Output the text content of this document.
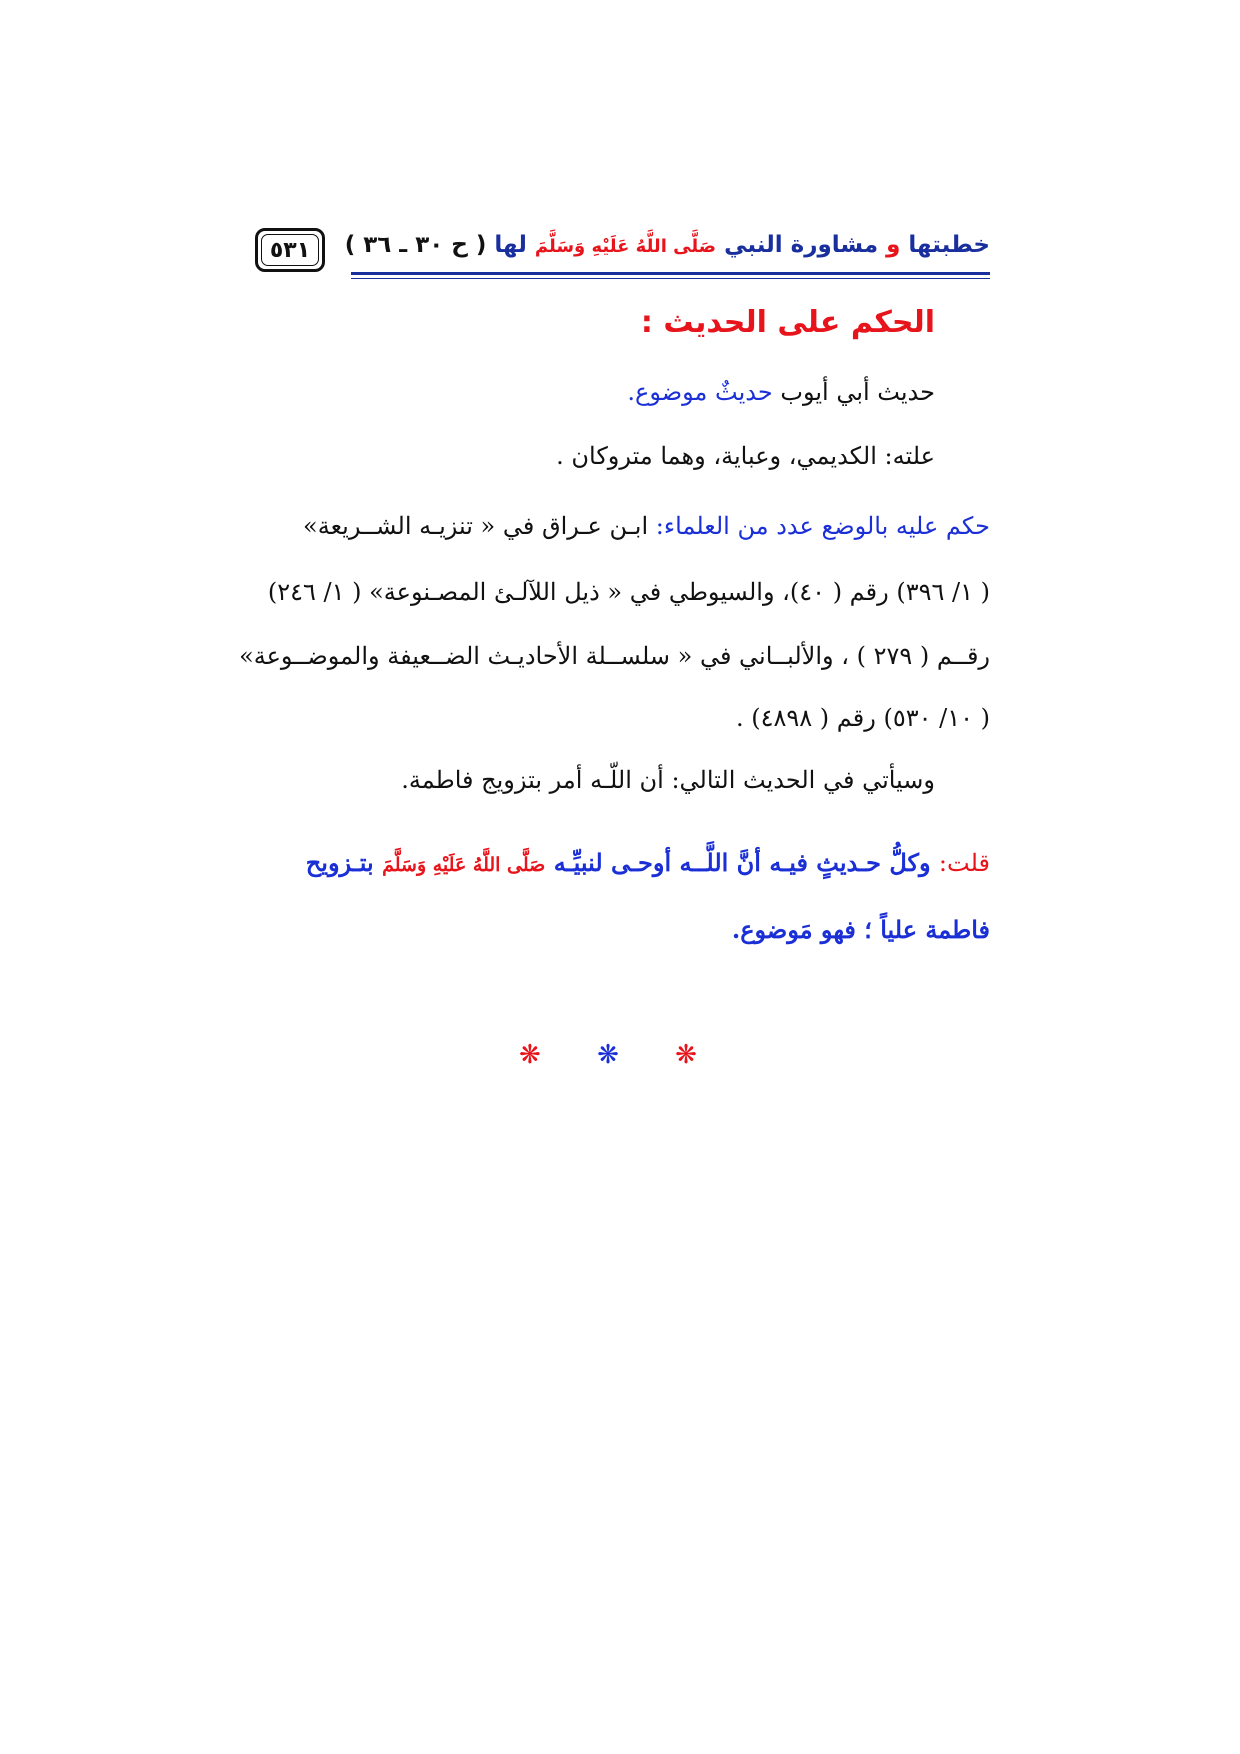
٥٣١	خطبتها و مشاورة النبي صَلَّى اللَّهُ عَلَيْهِ وَسَلَّمَ لها ( ح ٣٠ ـ ٣٦ )
الحكم على الحديث :
حديث أبي أيوب حديثٌ موضوع.
علته: الكديمي، وعباية، وهما متروكان .
حكم عليه بالوضع عدد من العلماء: ابـن عـراق في « تنزيـه الشــريعة»
( ١/ ٣٩٦) رقم ( ٤٠)، والسيوطي في « ذيل اللآلـئ المصـنوعة» ( ١/ ٢٤٦)
رقــم ( ٢٧٩ ) ، والألبــاني في « سلســلة الأحاديـث الضــعيفة والموضــوعة»
( ١٠/ ٥٣٠) رقم ( ٤٨٩٨) .
وسيأتي في الحديث التالي: أن اللّـه أمر بتزويج فاطمة.
قلت: وكلُّ حـديثٍ فيـه أنَّ اللَّــه أوحـى لنبيِّـه صَلَّى اللَّهُ عَلَيْهِ وَسَلَّمَ بتـزويح
فاطمة علياً ؛ فهو مَوضوع.
❋ ❋ ❋
